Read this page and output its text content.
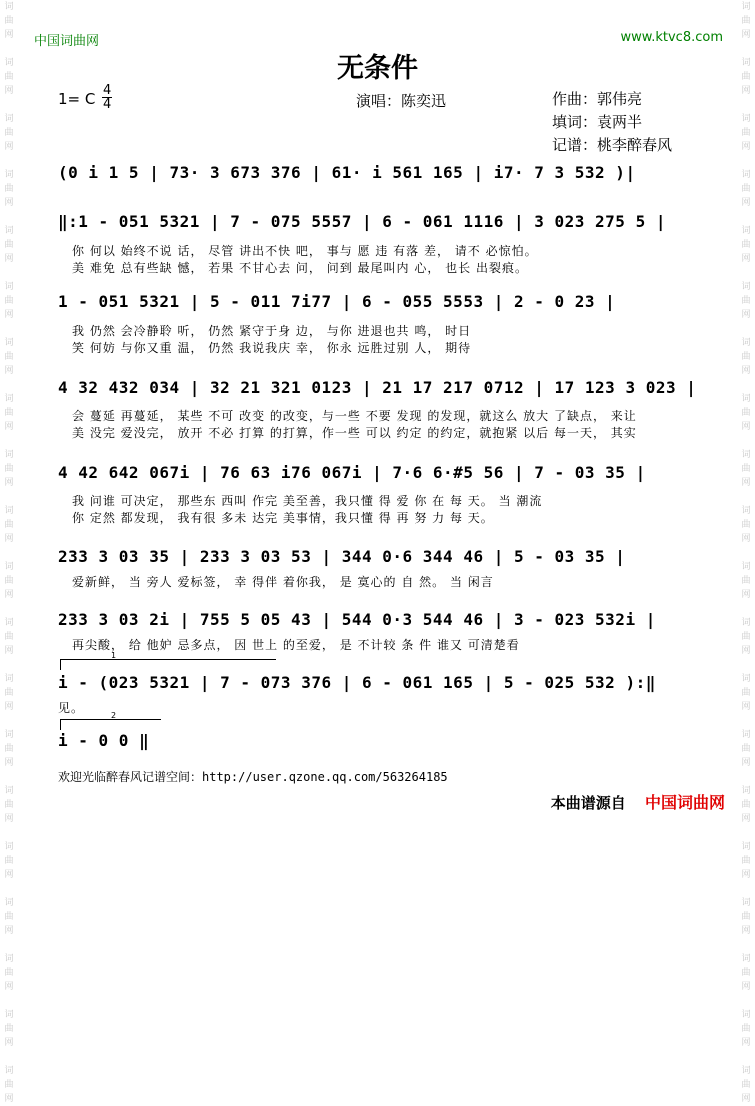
词
曲
网

词
曲
网

词
曲
网

词
曲
网

词
曲
网

词
曲
网

词
曲
网

词
曲
网

词
曲
网

词
曲
网

词
曲
网

词
曲
网

词
曲
网

词
曲
网

词
曲
网

词
曲
网

词
曲
网

词
曲
网

词
曲
网

词
曲
网
词
曲
网

词
曲
网

词
曲
网

词
曲
网

词
曲
网

词
曲
网

词
曲
网

词
曲
网

词
曲
网

词
曲
网

词
曲
网

词
曲
网

词
曲
网

词
曲
网

词
曲
网

词
曲
网

词
曲
网

词
曲
网

词
曲
网

词
曲
网
中国词曲网	www.ktvc8.com
无条件
1= C 4
4	演唱：陈奕迅	作曲：郭伟亮
填词：袁两半
记谱：桃李醉春风
(0 i 1 5 | 73· 3 673 376 | 61· i 561 165 | i7· 7 3 532 )|
‖:1 - 051 5321 | 7 - 075 5557 | 6 - 061 1116 | 3 023 275 5 |
你 何以 始终不说 话， 尽管 讲出不快 吧， 事与 愿 违 有落 差， 请不 必惊怕。
美 难免 总有些缺 憾， 若果 不甘心去 问， 问到 最尾叫内 心， 也长 出裂痕。
1 - 051 5321 | 5 - 011 7i77 | 6 - 055 5553 | 2 - 0 23 |
我 仍然 会冷静聆 听， 仍然 紧守于身 边， 与你 进退也共 鸣， 时日
笑 何妨 与你又重 温， 仍然 我说我庆 幸， 你永 远胜过别 人， 期待
4 32 432 034 | 32 21 321 0123 | 21 17 217 0712 | 17 123 3 023 |
会 蔓延 再蔓延， 某些 不可 改变 的改变，与一些 不要 发现 的发现，就这么 放大 了缺点， 来让
美 没完 爱没完， 放开 不必 打算 的打算，作一些 可以 约定 的约定，就抱紧 以后 每一天， 其实
4 42 642 067i | 76 63 i76 067i | 7·6 6·#5 56 | 7 - 03 35 |
我 问谁 可决定， 那些东 西叫 作完 美至善，我只懂 得 爱 你 在 每 天。 当 潮流
你 定然 都发现， 我有很 多未 达完 美事情，我只懂 得 再 努 力 每 天。
233 3 03 35 | 233 3 03 53 | 344 0·6 344 46 | 5 - 03 35 |
爱新鲜， 当 旁人 爱标签， 幸 得伴 着你我， 是 寞心的 自 然。 当 闲言
233 3 03 2i | 755 5 05 43 | 544 0·3 544 46 | 3 - 023 532i |
再尖酸， 给 他妒 忌多点， 因 世上 的至爱， 是 不计较 条 件 谁又 可清楚看
1
i - (023 5321 | 7 - 073 376 | 6 - 061 165 | 5 - 025 532 ):‖
见。
2
i - 0 0 ‖
欢迎光临醉春风记谱空间：http://user.qzone.qq.com/563264185
本曲谱源自 中国词曲网
